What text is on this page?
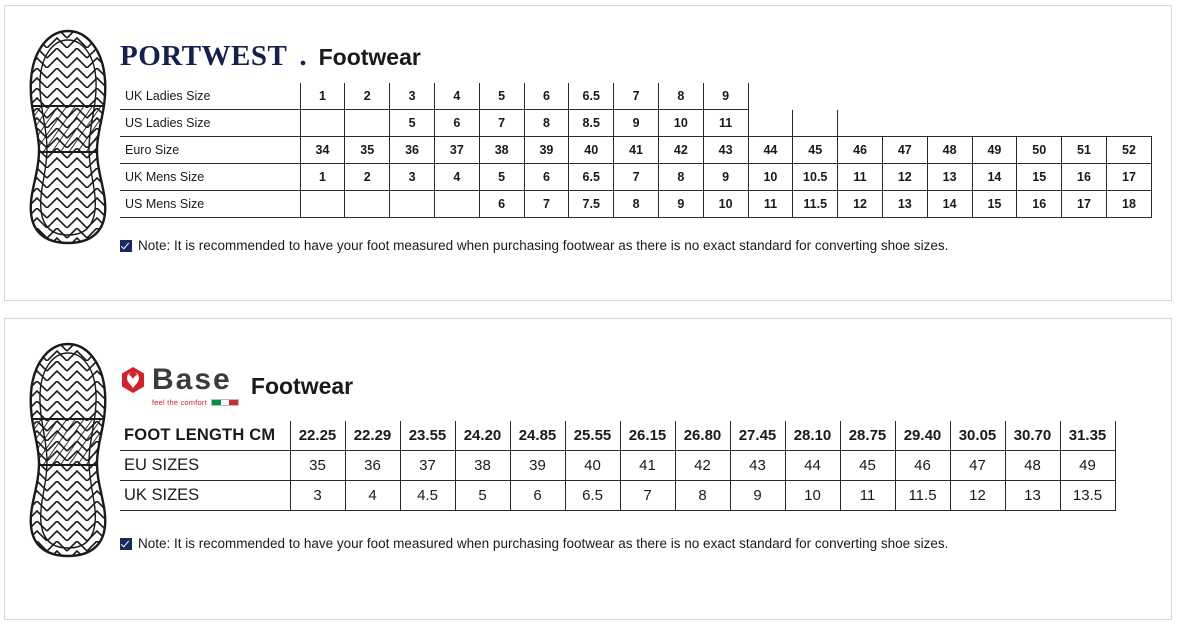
PORTWEST . Footwear
UK Ladies Size	1	2	3	4	5	6	6.5	7	8	9									
US Ladies Size			5	6	7	8	8.5	9	10	11									
Euro Size	34	35	36	37	38	39	40	41	42	43	44	45	46	47	48	49	50	51	52
UK Mens Size	1	2	3	4	5	6	6.5	7	8	9	10	10.5	11	12	13	14	15	16	17
US Mens Size					6	7	7.5	8	9	10	11	11.5	12	13	14	15	16	17	18
Note: It is recommended to have your foot measured when purchasing footwear as there is no exact standard for converting shoe sizes.
Base
feel the comfort
Footwear
FOOT LENGTH CM	22.25	22.29	23.55	24.20	24.85	25.55	26.15	26.80	27.45	28.10	28.75	29.40	30.05	30.70	31.35
EU SIZES	35	36	37	38	39	40	41	42	43	44	45	46	47	48	49
UK SIZES	3	4	4.5	5	6	6.5	7	8	9	10	11	11.5	12	13	13.5
Note: It is recommended to have your foot measured when purchasing footwear as there is no exact standard for converting shoe sizes.
